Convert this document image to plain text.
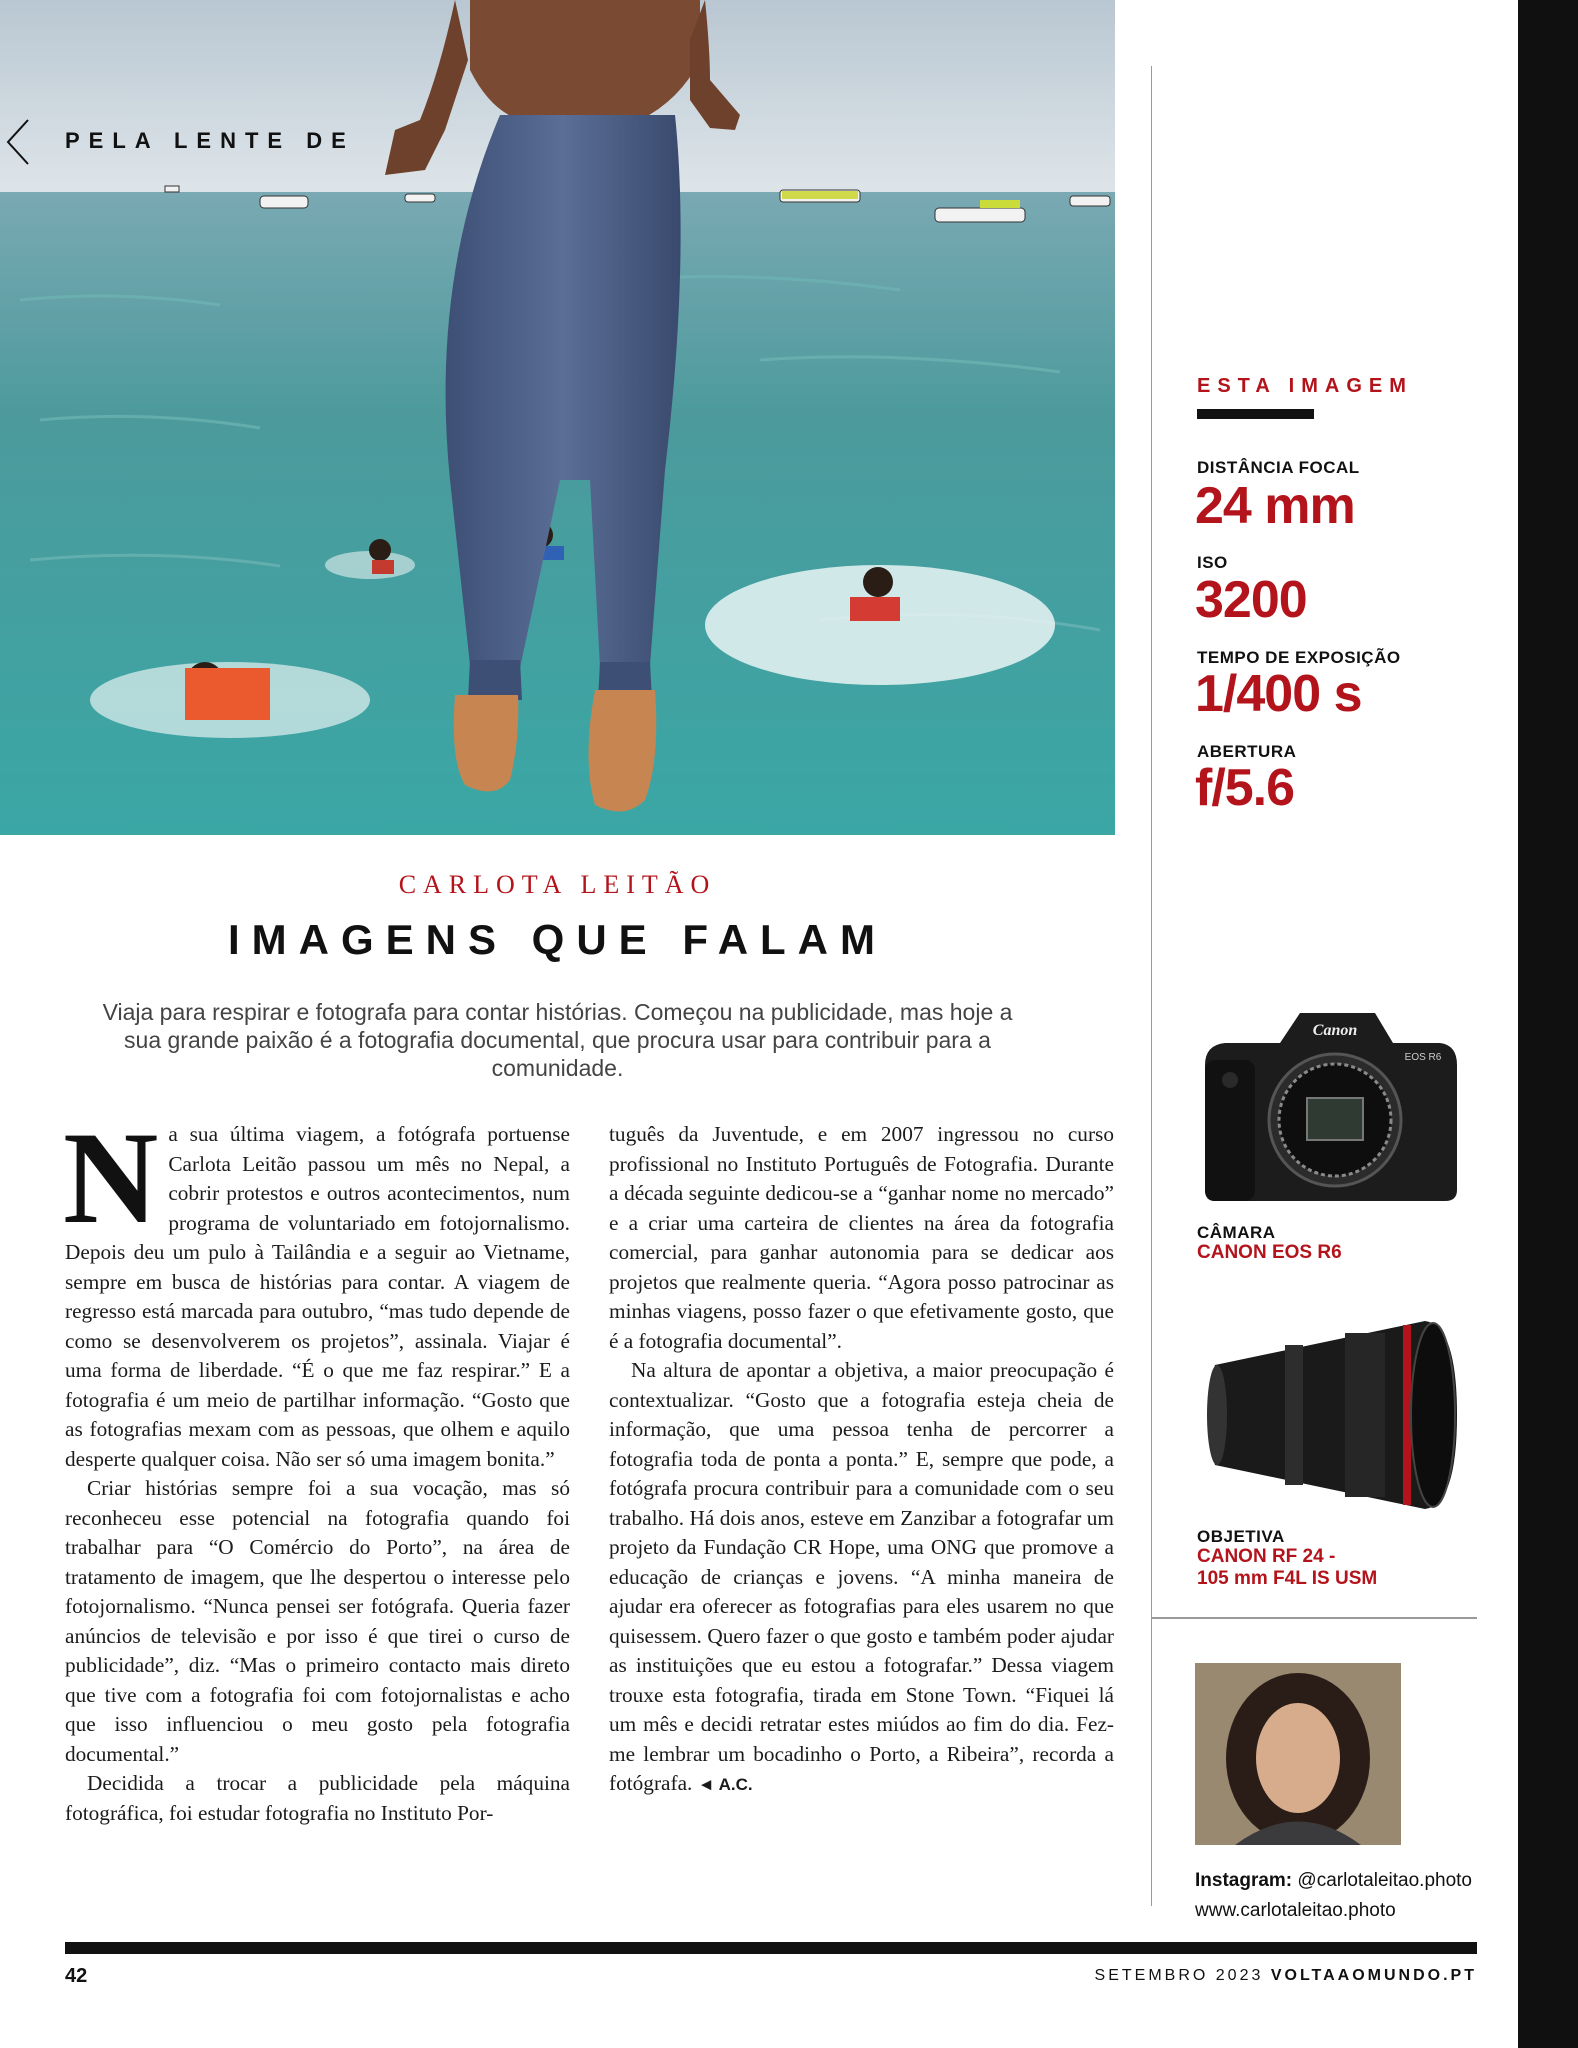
PELA LENTE DE
CARLOTA LEITÃO
IMAGENS QUE FALAM
Viaja para respirar e fotografa para contar histórias. Começou na publicidade, mas hoje a sua grande paixão é a fotografia documental, que procura usar para contribuir para a comunidade.

Na sua última viagem, a fotógrafa portuense Carlota Leitão passou um mês no Nepal, a cobrir protestos e outros acontecimentos, num programa de voluntariado em fotojornalismo. Depois deu um pulo à Tailândia e a seguir ao Vietname, sempre em busca de histórias para contar. A viagem de regresso está marcada para outubro, “mas tudo depende de como se desenvolverem os projetos”, assinala. Viajar é uma forma de liberdade. “É o que me faz respirar.” E a fotografia é um meio de partilhar informação. “Gosto que as fotografias mexam com as pessoas, que olhem e aquilo desperte qualquer coisa. Não ser só uma imagem bonita.”

Criar histórias sempre foi a sua vocação, mas só reconheceu esse potencial na fotografia quando foi trabalhar para “O Comércio do Porto”, na área de tratamento de imagem, que lhe despertou o interesse pelo fotojornalismo. “Nunca pensei ser fotógrafa. Queria fazer anúncios de televisão e por isso é que tirei o curso de publicidade”, diz. “Mas o primeiro contacto mais direto que tive com a fotografia foi com fotojornalistas e acho que isso influenciou o meu gosto pela fotografia documental.”

Decidida a trocar a publicidade pela máquina fotográfica, foi estudar fotografia no Instituto Por-

tuguês da Juventude, e em 2007 ingressou no curso profissional no Instituto Português de Fotografia. Durante a década seguinte dedicou-se a “ganhar nome no mercado” e a criar uma carteira de clientes na área da fotografia comercial, para ganhar autonomia para se dedicar aos projetos que realmente queria. “Agora posso patrocinar as minhas viagens, posso fazer o que efetivamente gosto, que é a fotografia documental”.

Na altura de apontar a objetiva, a maior preocupação é contextualizar. “Gosto que a fotografia esteja cheia de informação, que uma pessoa tenha de percorrer a fotografia toda de ponta a ponta.” E, sempre que pode, a fotógrafa procura contribuir para a comunidade com o seu trabalho. Há dois anos, esteve em Zanzibar a fotografar um projeto da Fundação CR Hope, uma ONG que promove a educação de crianças e jovens. “A minha maneira de ajudar era oferecer as fotografias para eles usarem no que quisessem. Quero fazer o que gosto e também poder ajudar as instituições que eu estou a fotografar.” Dessa viagem trouxe esta fotografia, tirada em Stone Town. “Fiquei lá um mês e decidi retratar estes miúdos ao fim do dia. Fez-me lembrar um bocadinho o Porto, a Ribeira”, recorda a fotógrafa. ◄ A.C.

ESTA IMAGEM
DISTÂNCIA FOCAL
24 mm
ISO
3200
TEMPO DE EXPOSIÇÃO
1/400 s
ABERTURA
f/5.6
Canon
EOS R6
CÂMARA
CANON EOS R6
OBJETIVA
CANON RF 24 -
105 mm F4L IS USM
Instagram: @carlotaleitao.photo
www.carlotaleitao.photo
42	SETEMBRO 2023 VOLTAAOMUNDO.PT
